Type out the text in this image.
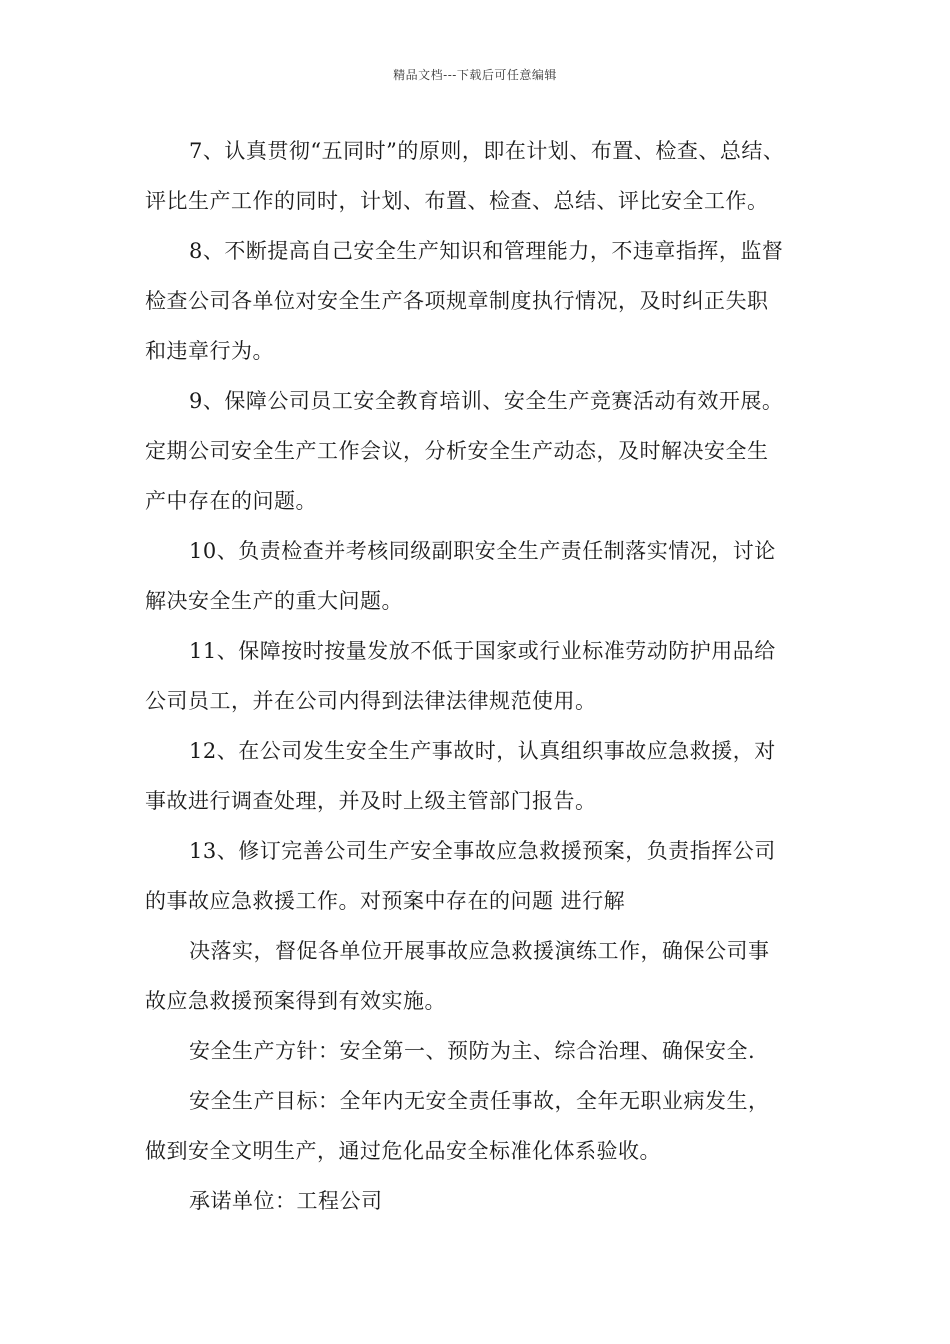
精品文档---下载后可任意编辑
7、认真贯彻“五同时”的原则，即在计划、布置、检查、总结、
评比生产工作的同时，计划、布置、检查、总结、评比安全工作。
8、不断提高自己安全生产知识和管理能力，不违章指挥，监督
检查公司各单位对安全生产各项规章制度执行情况，及时纠正失职
和违章行为。
9、保障公司员工安全教育培训、安全生产竞赛活动有效开展。
定期公司安全生产工作会议，分析安全生产动态，及时解决安全生
产中存在的问题。
10、负责检查并考核同级副职安全生产责任制落实情况，讨论
解决安全生产的重大问题。
11、保障按时按量发放不低于国家或行业标准劳动防护用品给
公司员工，并在公司内得到法律法律规范使用。
12、在公司发生安全生产事故时，认真组织事故应急救援，对
事故进行调查处理，并及时上级主管部门报告。
13、修订完善公司生产安全事故应急救援预案，负责指挥公司
的事故应急救援工作。对预案中存在的问题 进行解
决落实，督促各单位开展事故应急救援演练工作，确保公司事
故应急救援预案得到有效实施。
安全生产方针：安全第一、预防为主、综合治理、确保安全.
安全生产目标：全年内无安全责任事故，全年无职业病发生，
做到安全文明生产，通过危化品安全标准化体系验收。
承诺单位：工程公司
